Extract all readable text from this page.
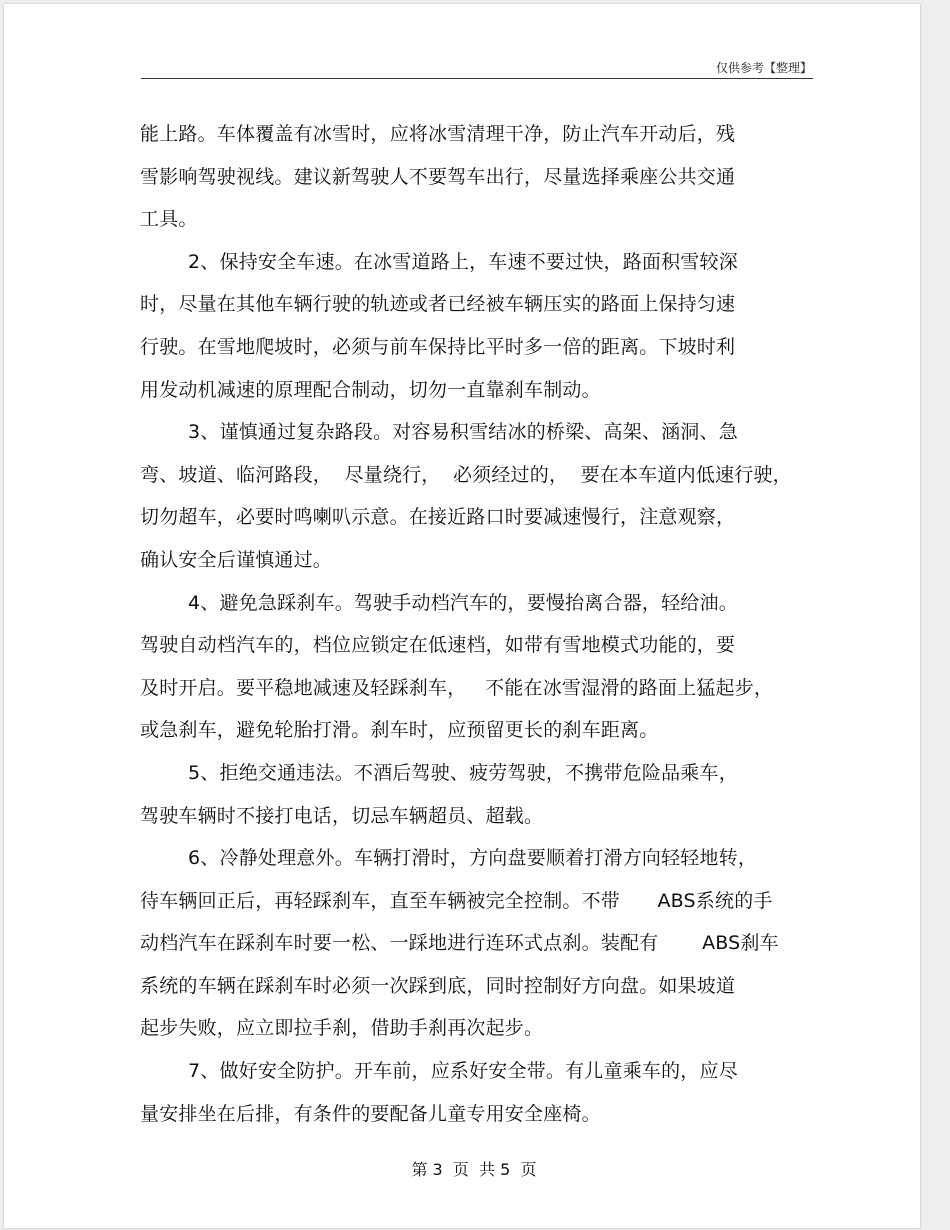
仅供参考【整理】
能上路。车体覆盖有冰雪时，应将冰雪清理干净，防止汽车开动后，残
雪影响驾驶视线。建议新驾驶人不要驾车出行，尽量选择乘座公共交通
工具。
2、保持安全车速。在冰雪道路上，车速不要过快，路面积雪较深
时，尽量在其他车辆行驶的轨迹或者已经被车辆压实的路面上保持匀速
行驶。在雪地爬坡时，必须与前车保持比平时多一倍的距离。下坡时利
用发动机减速的原理配合制动，切勿一直靠刹车制动。
3、谨慎通过复杂路段。对容易积雪结冰的桥梁、高架、涵洞、急
弯、坡道、临河路段，  尽量绕行，  必须经过的，  要在本车道内低速行驶，
切勿超车，必要时鸣喇叭示意。在接近路口时要减速慢行，注意观察，
确认安全后谨慎通过。
4、避免急踩刹车。驾驶手动档汽车的，要慢抬离合器，轻给油。
驾驶自动档汽车的，档位应锁定在低速档，如带有雪地模式功能的，要
及时开启。要平稳地减速及轻踩刹车，   不能在冰雪湿滑的路面上猛起步，
或急刹车，避免轮胎打滑。刹车时，应预留更长的刹车距离。
5、拒绝交通违法。不酒后驾驶、疲劳驾驶，不携带危险品乘车，
驾驶车辆时不接打电话，切忌车辆超员、超载。
6、冷静处理意外。车辆打滑时，方向盘要顺着打滑方向轻轻地转，
待车辆回正后，再轻踩刹车，直至车辆被完全控制。不带      ABS系统的手
动档汽车在踩刹车时要一松、一踩地进行连环式点刹。装配有       ABS刹车
系统的车辆在踩刹车时必须一次踩到底，同时控制好方向盘。如果坡道
起步失败，应立即拉手刹，借助手刹再次起步。
7、做好安全防护。开车前，应系好安全带。有儿童乘车的，应尽
量安排坐在后排，有条件的要配备儿童专用安全座椅。
第 3  页  共 5  页
